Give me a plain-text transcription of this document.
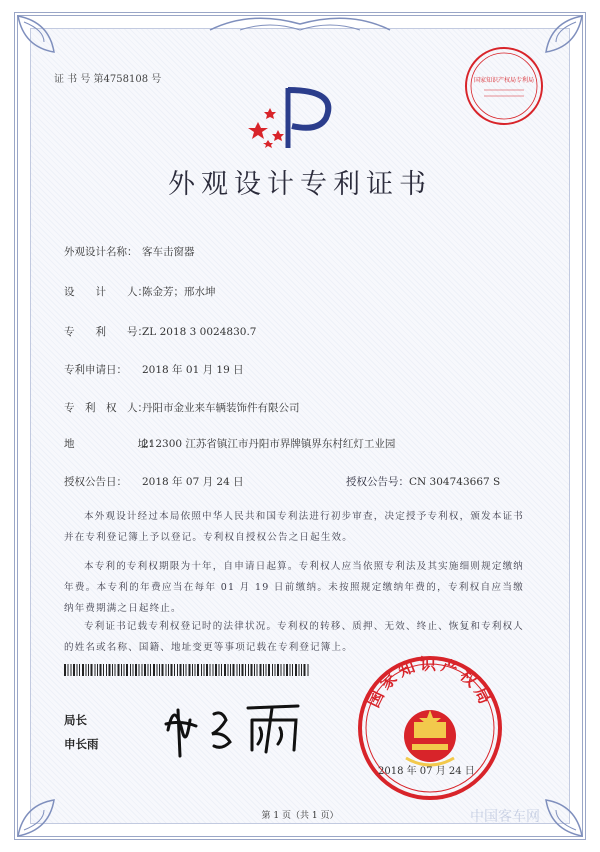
国家知识产权局专利局
证 书 号 第4758108 号
外观设计专利证书
外观设计名称： 客车击窗器
设　　计　　人：陈金芳；邢水坤
专　　利　　号：ZL 2018 3 0024830.7
专利申请日： 2018 年 01 月 19 日
专　利　权　人：丹阳市金业来车辆装饰件有限公司
地　　　　　　址：212300 江苏省镇江市丹阳市界牌镇界东村红灯工业园
授权公告日： 2018 年 07 月 24 日	授权公告号：CN 304743667 S
本外观设计经过本局依照中华人民共和国专利法进行初步审查，决定授予专利权，颁发本证书并在专利登记簿上予以登记。专利权自授权公告之日起生效。
本专利的专利权期限为十年，自申请日起算。专利权人应当依照专利法及其实施细则规定缴纳年费。本专利的年费应当在每年 01 月 19 日前缴纳。未按照规定缴纳年费的，专利权自应当缴纳年费期满之日起终止。
专利证书记载专利权登记时的法律状况。专利权的转移、质押、无效、终止、恢复和专利权人的姓名或名称、国籍、地址变更等事项记载在专利登记簿上。
局长
申长雨
国家知识产权局
2018 年 07 月 24 日
第 1 页（共 1 页）	中国客车网
